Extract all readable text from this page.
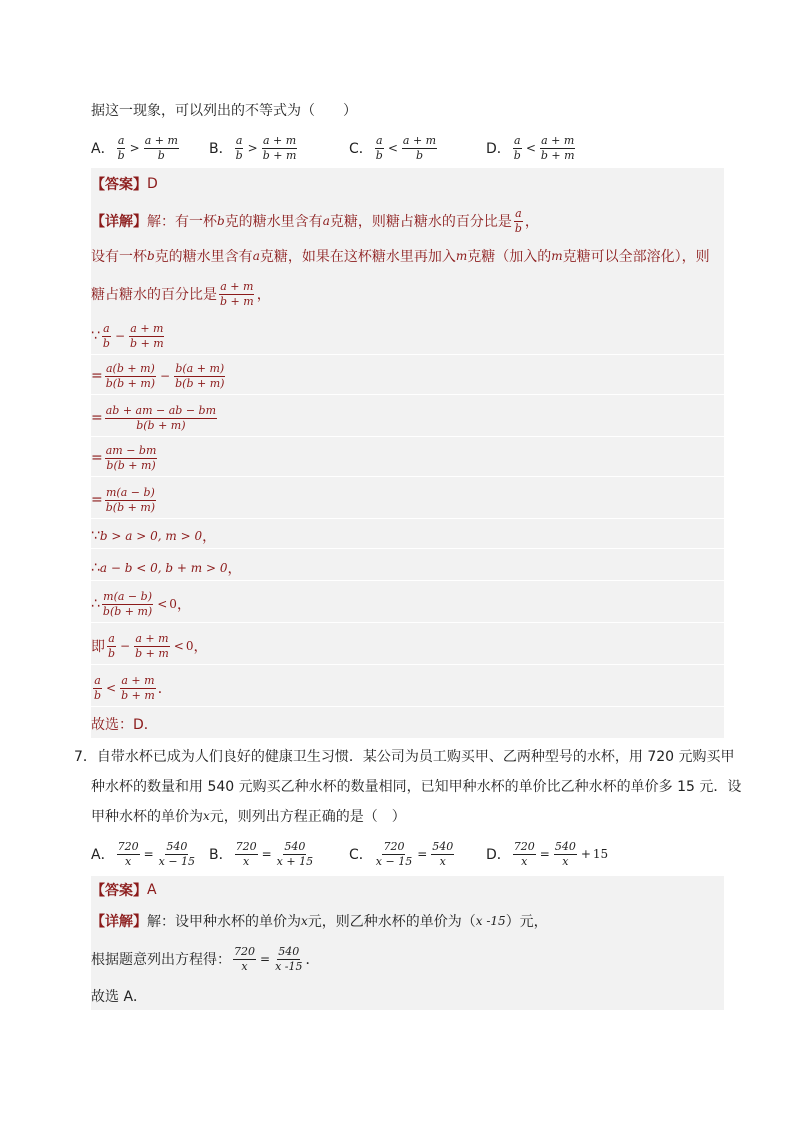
据这一现象，可以列出的不等式为（　　）
A． $\frac{a}{b} > \frac{a + m}{b}$ B． $\frac{a}{b} > \frac{a + m}{b + m}$	C． $\frac{a}{b} < \frac{a + m}{b}$	D． $\frac{a}{b} < \frac{a + m}{b + m}$
【答案】 D
【详解】 解：有一杯 b 克的糖水里含有 a 克糖，则糖占糖水的百分比是 $\frac{a}{b}$ ，
设有一杯 b 克的糖水里含有 a 克糖，如果在这杯糖水里再加入 m 克糖（加入的 m 克糖可以全部溶化），则
糖占糖水的百分比是 $\frac{a + m}{b + m}$ ，
∵ $\frac{a}{b} - \frac{a + m}{b + m}$
= $\frac{a(b + m)}{b(b + m)} - \frac{b(a + m)}{b(b + m)}$
= $\frac{ab + am - ab - bm}{b(b + m)}$
= $\frac{am - bm}{b(b + m)}$
= $\frac{m(a - b)}{b(b + m)}$
∵ b > a > 0, m > 0 ，
∴ a − b < 0, b + m > 0 ，
∴ $\frac{m(a - b)}{b(b + m)} < 0$ ，
即 $\frac{a}{b} - \frac{a + m}{b + m} < 0$ ，
$\frac{a}{b} < \frac{a + m}{b + m}$ ．
故选：D．
7． 自带水杯已成为人们良好的健康卫生习惯．某公司为员工购买甲、乙两种型号的水杯，用 720 元购买甲
种水杯的数量和用 540 元购买乙种水杯的数量相同，已知甲种水杯的单价比乙种水杯的单价多 15 元．设
甲种水杯的单价为 x 元，则列出方程正确的是（　）
A． $\frac{720}{x} = \frac{540}{x - 15}$ B． $\frac{720}{x} = \frac{540}{x + 15}$ C． $\frac{720}{x - 15} = \frac{540}{x}$ D． $\frac{720}{x} = \frac{540}{x} + 15$
【答案】 A
【详解】 解：设甲种水杯的单价为 x 元，则乙种水杯的单价为（ x -15 ）元，
根据题意列出方程得： $\frac{720}{x} = \frac{540}{x -15}$ ．
故选 A．
